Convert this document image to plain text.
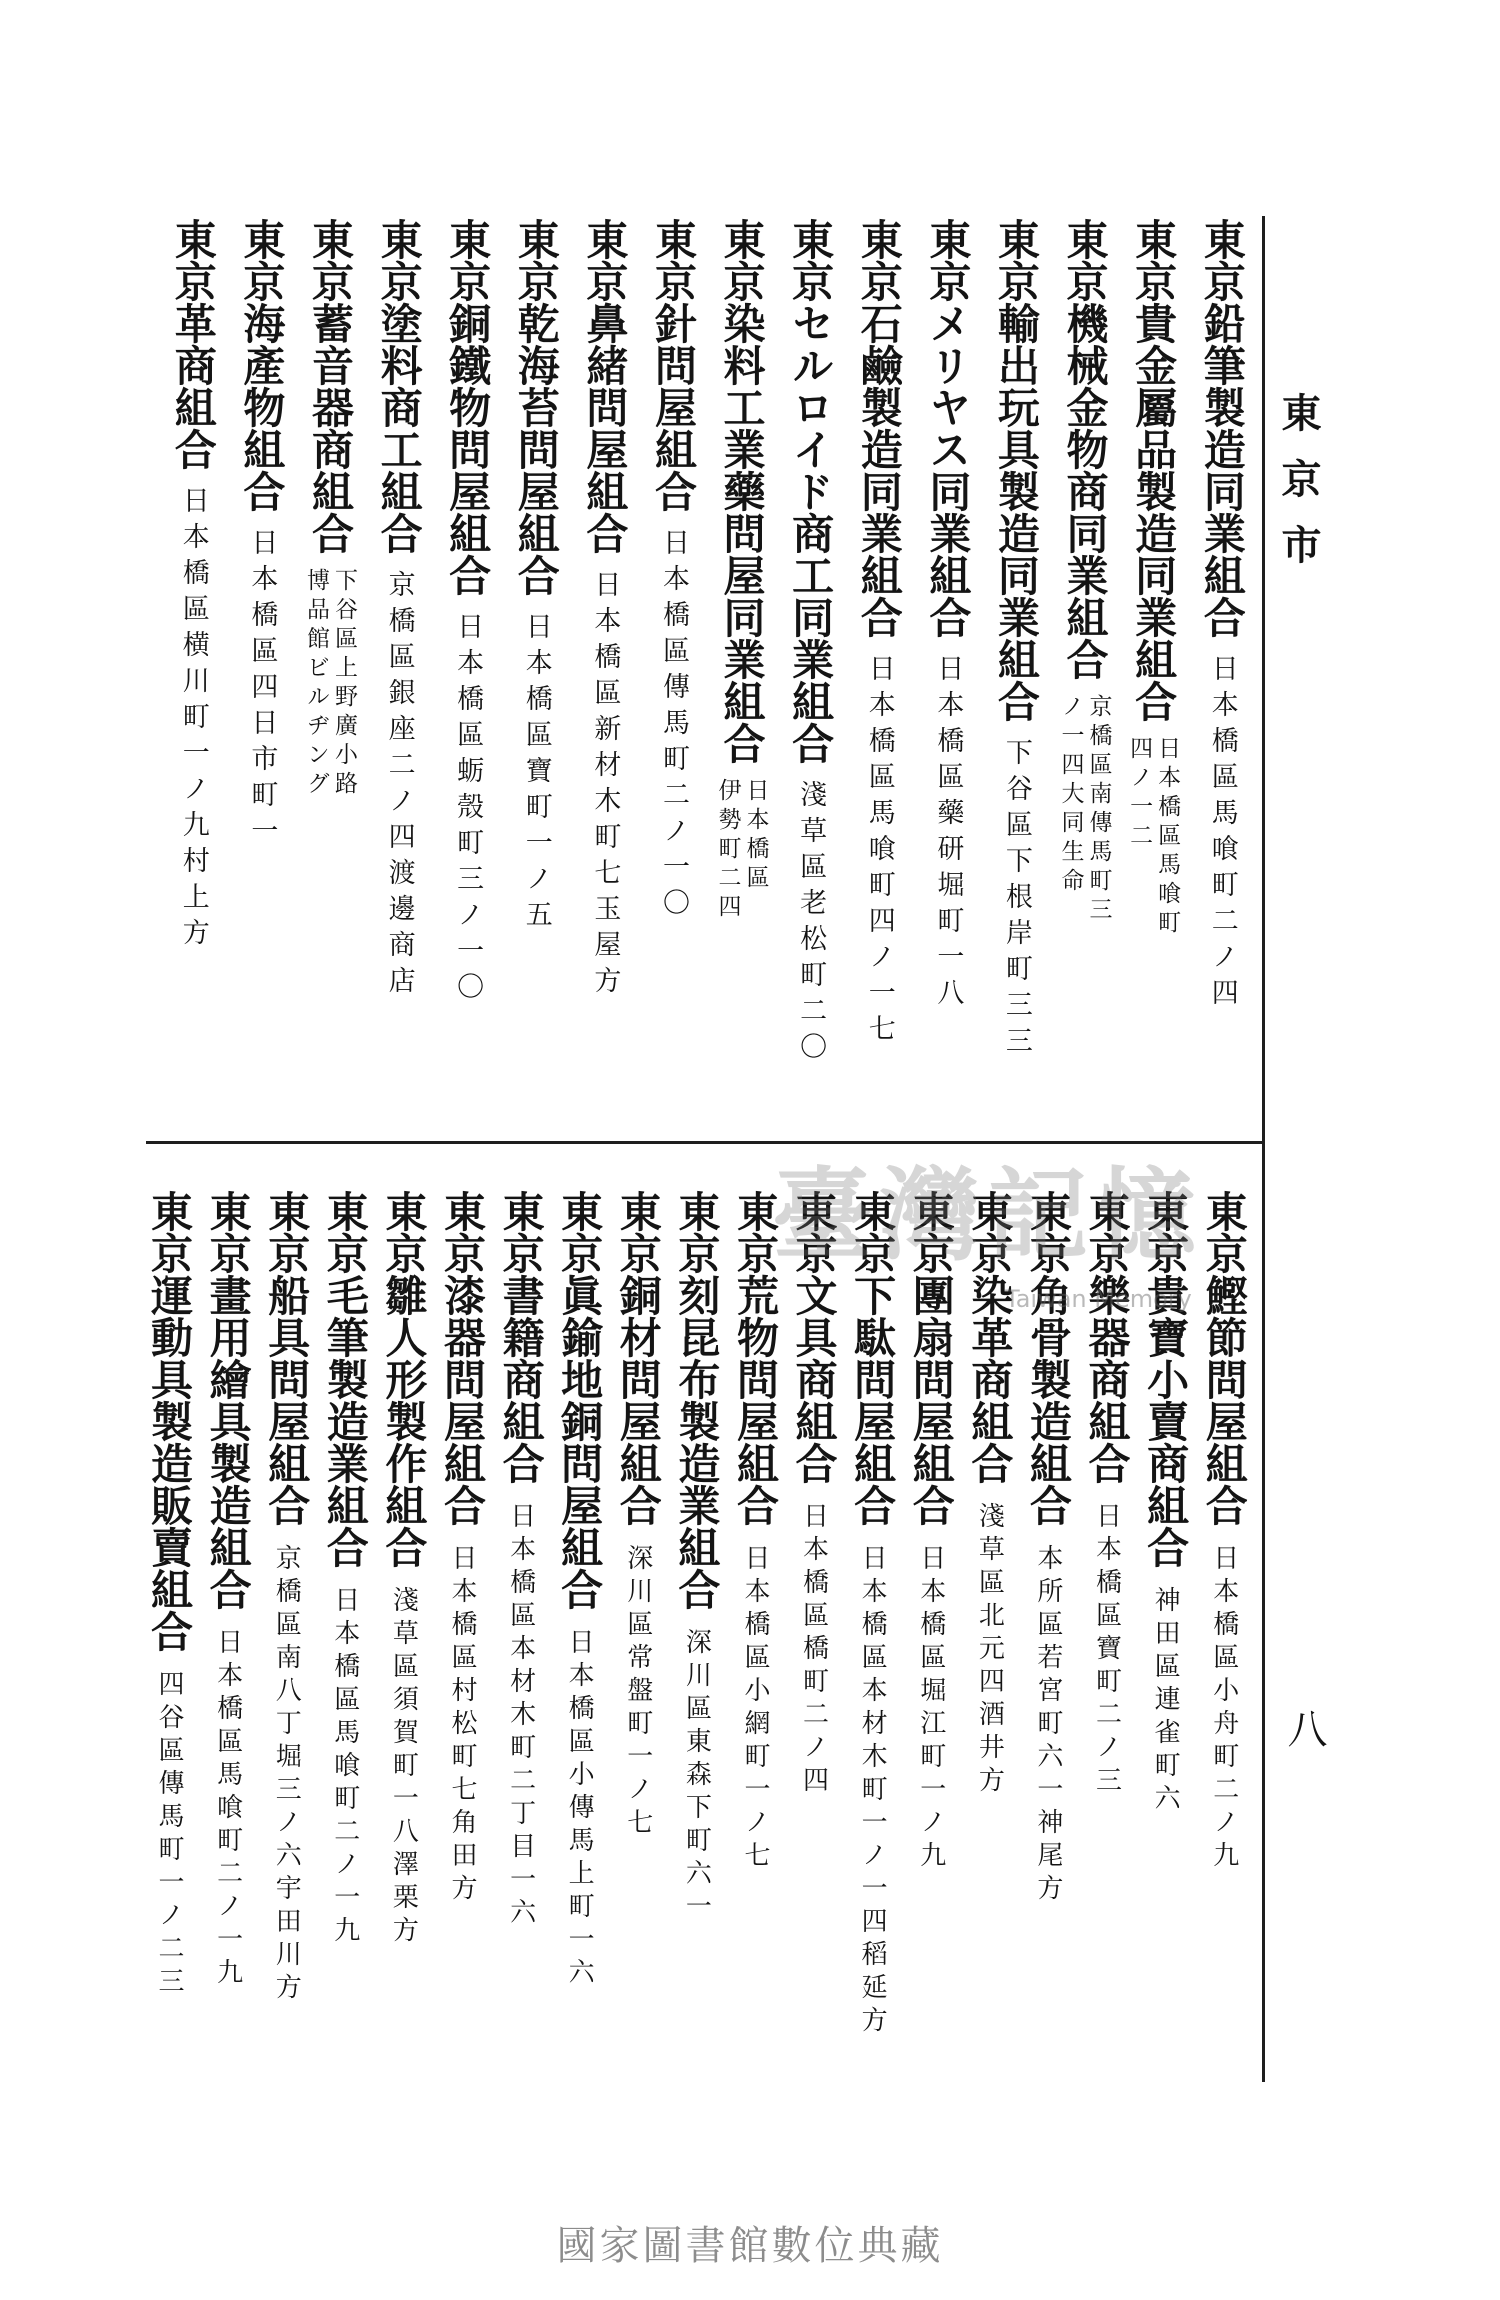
東京市
八
東京鉛筆製造同業組合
日本橋區馬喰町二ノ四
東京貴金屬品製造同業組合
日本橋區馬喰町
四ノ一二
東京機械金物商同業組合
京橋區南傳馬町三
ノ一四大同生命
東京輸出玩具製造同業組合
下谷區下根岸町三三
東京メリヤス同業組合
日本橋區藥研堀町一八
東京石鹼製造同業組合
日本橋區馬喰町四ノ一七
東京セルロイド商工同業組合
淺草區老松町二〇
東京染料工業藥問屋同業組合
日本橋區
伊勢町二四
東京針問屋組合
日本橋區傳馬町二ノ一〇
東京鼻緒問屋組合
日本橋區新材木町七玉屋方
東京乾海苔問屋組合
日本橋區寶町一ノ五
東京銅鐵物問屋組合
日本橋區蛎殼町三ノ一〇
東京塗料商工組合
京橋區銀座二ノ四渡邊商店
東京蓄音器商組合
下谷區上野廣小路
博品館ビルヂング
東京海產物組合
日本橋區四日市町一
東京革商組合
日本橋區横川町一ノ九村上方
東京鰹節問屋組合
日本橋區小舟町二ノ九
東京貴寶小賣商組合
神田區連雀町六
東京樂器商組合
日本橋區寶町二ノ三
東京角骨製造組合
本所區若宮町六一神尾方
東京染革商組合
淺草區北元四酒井方
東京團扇問屋組合
日本橋區堀江町一ノ九
東京下駄問屋組合
日本橋區本材木町一ノ一四稻延方
東京文具商組合
日本橋區橋町二ノ四
東京荒物問屋組合
日本橋區小網町一ノ七
東京刻昆布製造業組合
深川區東森下町六一
東京銅材問屋組合
深川區常盤町一ノ七
東京眞鍮地銅問屋組合
日本橋區小傳馬上町一六
東京書籍商組合
日本橋區本材木町二丁目一六
東京漆器問屋組合
日本橋區村松町七角田方
東京雛人形製作組合
淺草區須賀町一八澤栗方
東京毛筆製造業組合
日本橋區馬喰町二ノ一九
東京船具問屋組合
京橋區南八丁堀三ノ六宇田川方
東京畫用繪具製造組合
日本橋區馬喰町二ノ一九
東京運動具製造販賣組合
四谷區傳馬町一ノ二三
臺灣記憶
Taiwan Memory
國家圖書館數位典藏
